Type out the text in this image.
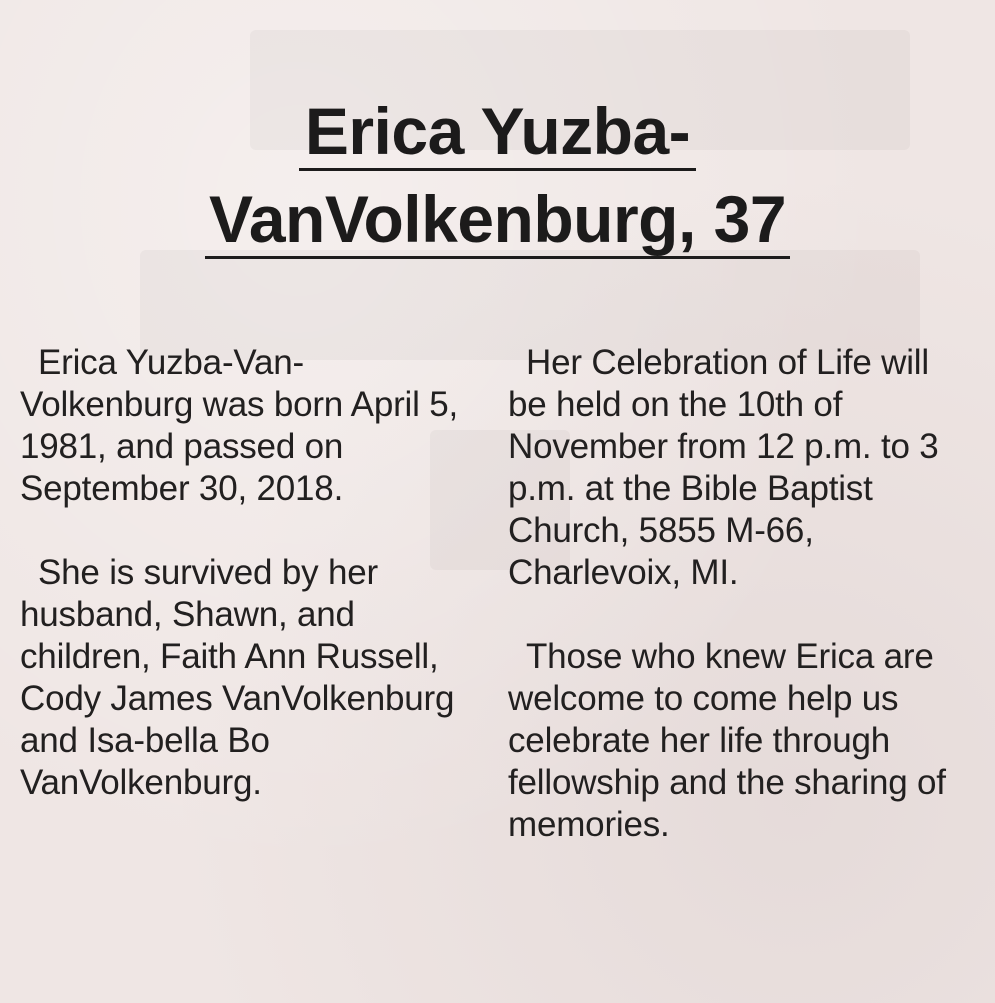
Erica Yuzba-
VanVolkenburg, 37

Erica Yuzba-Van-Volkenburg was born April 5, 1981, and passed on September 30, 2018.

She is survived by her husband, Shawn, and children, Faith Ann Russell, Cody James VanVolkenburg and Isa-bella Bo VanVolkenburg.

Her Celebration of Life will be held on the 10th of November from 12 p.m. to 3 p.m. at the Bible Baptist Church, 5855 M-66, Charlevoix, MI.

Those who knew Erica are welcome to come help us celebrate her life through fellowship and the sharing of memories.
